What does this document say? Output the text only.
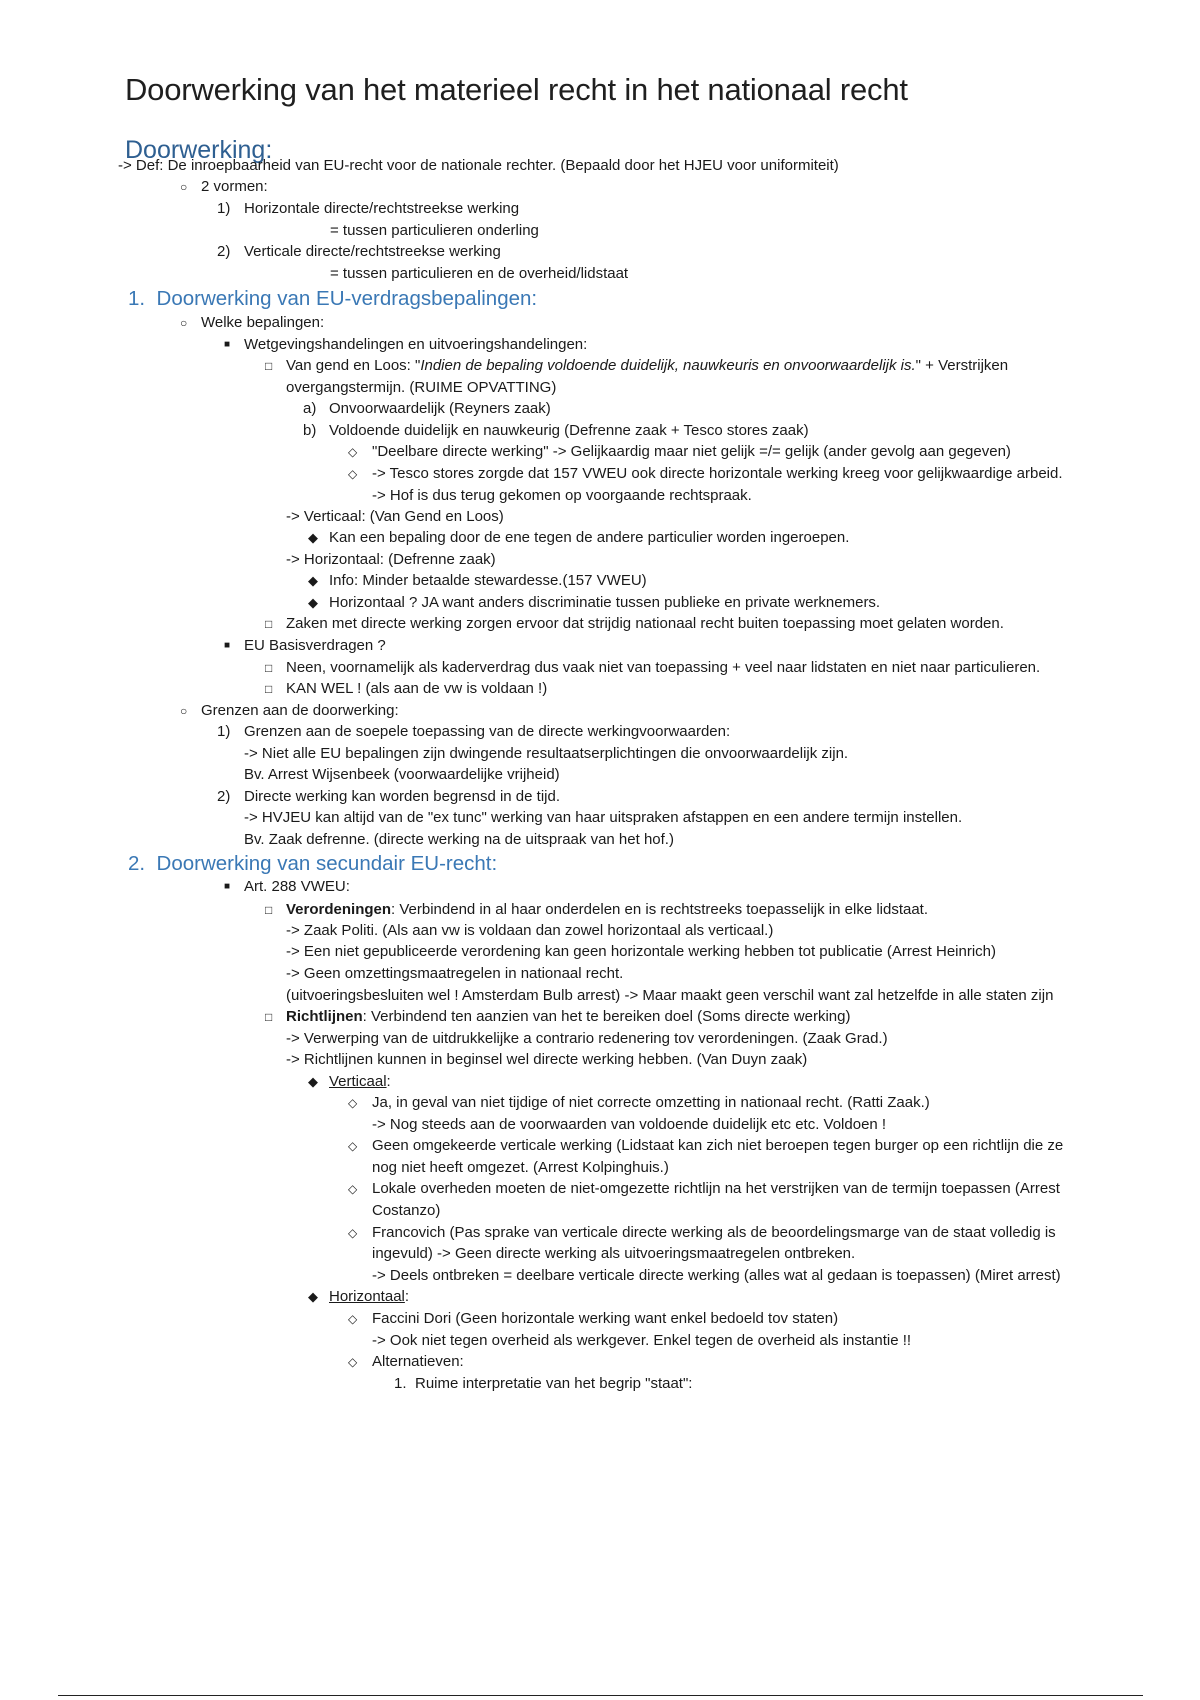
Doorwerking van het materieel recht in het nationaal recht
Doorwerking:
-> Def: De inroepbaarheid van EU-recht voor de nationale rechter. (Bepaald door het HJEU voor uniformiteit)
○ 2 vormen:
1) Horizontale directe/rechtstreekse werking
= tussen particulieren onderling
2) Verticale directe/rechtstreekse werking
= tussen particulieren en de overheid/lidstaat
1. Doorwerking van EU-verdragsbepalingen:
○ Welke bepalingen:
■ Wetgevingshandelingen en uitvoeringshandelingen:
□ Van gend en Loos: "Indien de bepaling voldoende duidelijk, nauwkeuris en onvoorwaardelijk is." + Verstrijken
overgangstermijn. (RUIME OPVATTING)
a) Onvoorwaardelijk (Reyners zaak)
b) Voldoende duidelijk en nauwkeurig (Defrenne zaak + Tesco stores zaak)
◇ "Deelbare directe werking" -> Gelijkaardig maar niet gelijk =/= gelijk (ander gevolg aan gegeven)
◇ -> Tesco stores zorgde dat 157 VWEU ook directe horizontale werking kreeg voor gelijkwaardige arbeid.
-> Hof is dus terug gekomen op voorgaande rechtspraak.
-> Verticaal: (Van Gend en Loos)
◆ Kan een bepaling door de ene tegen de andere particulier worden ingeroepen.
-> Horizontaal: (Defrenne zaak)
◆ Info: Minder betaalde stewardesse.(157 VWEU)
◆ Horizontaal ? JA want anders discriminatie tussen publieke en private werknemers.
□ Zaken met directe werking zorgen ervoor dat strijdig nationaal recht buiten toepassing moet gelaten worden.
■ EU Basisverdragen ?
□ Neen, voornamelijk als kaderverdrag dus vaak niet van toepassing + veel naar lidstaten en niet naar particulieren.
□ KAN WEL ! (als aan de vw is voldaan !)
○ Grenzen aan de doorwerking:
1) Grenzen aan de soepele toepassing van de directe werkingvoorwaarden:
-> Niet alle EU bepalingen zijn dwingende resultaatserplichtingen die onvoorwaardelijk zijn.
Bv. Arrest Wijsenbeek (voorwaardelijke vrijheid)
2) Directe werking kan worden begrensd in de tijd.
-> HVJEU kan altijd van de "ex tunc" werking van haar uitspraken afstappen en een andere termijn instellen.
Bv. Zaak defrenne. (directe werking na de uitspraak van het hof.)
2. Doorwerking van secundair EU-recht:
■ Art. 288 VWEU:
□ Verordeningen: Verbindend in al haar onderdelen en is rechtstreeks toepasselijk in elke lidstaat.
-> Zaak Politi. (Als aan vw is voldaan dan zowel horizontaal als verticaal.)
-> Een niet gepubliceerde verordening kan geen horizontale werking hebben tot publicatie (Arrest Heinrich)
-> Geen omzettingsmaatregelen in nationaal recht.
(uitvoeringsbesluiten wel ! Amsterdam Bulb arrest) -> Maar maakt geen verschil want zal hetzelfde in alle staten zijn
□ Richtlijnen: Verbindend ten aanzien van het te bereiken doel (Soms directe werking)
-> Verwerping van de uitdrukkelijke a contrario redenering tov verordeningen. (Zaak Grad.)
-> Richtlijnen kunnen in beginsel wel directe werking hebben. (Van Duyn zaak)
◆ Verticaal:
◇ Ja, in geval van niet tijdige of niet correcte omzetting in nationaal recht. (Ratti Zaak.)
-> Nog steeds aan de voorwaarden van voldoende duidelijk etc etc. Voldoen !
◇ Geen omgekeerde verticale werking (Lidstaat kan zich niet beroepen tegen burger op een richtlijn die ze
nog niet heeft omgezet. (Arrest Kolpinghuis.)
◇ Lokale overheden moeten de niet-omgezette richtlijn na het verstrijken van de termijn toepassen (Arrest
Costanzo)
◇ Francovich (Pas sprake van verticale directe werking als de beoordelingsmarge van de staat volledig is
ingevuld) -> Geen directe werking als uitvoeringsmaatregelen ontbreken.
-> Deels ontbreken = deelbare verticale directe werking (alles wat al gedaan is toepassen) (Miret arrest)
◆ Horizontaal:
◇ Faccini Dori (Geen horizontale werking want enkel bedoeld tov staten)
-> Ook niet tegen overheid als werkgever. Enkel tegen de overheid als instantie !!
◇ Alternatieven:
1. Ruime interpretatie van het begrip "staat":
